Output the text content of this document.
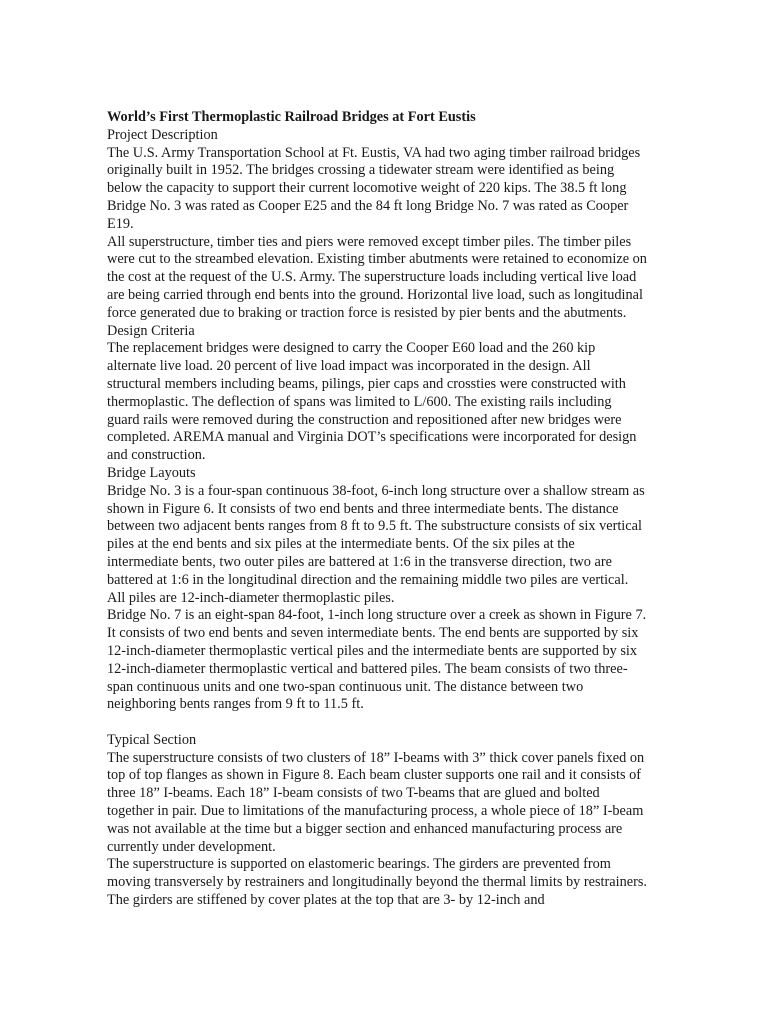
World’s First Thermoplastic Railroad Bridges at Fort Eustis

Project Description

The U.S. Army Transportation School at Ft. Eustis, VA had two aging timber railroad bridges originally built in 1952. The bridges crossing a tidewater stream were identified as being below the capacity to support their current locomotive weight of 220 kips. The 38.5 ft long Bridge No. 3 was rated as Cooper E25 and the 84 ft long Bridge No. 7 was rated as Cooper E19.

All superstructure, timber ties and piers were removed except timber piles. The timber piles were cut to the streambed elevation. Existing timber abutments were retained to economize on the cost at the request of the U.S. Army. The superstructure loads including vertical live load are being carried through end bents into the ground. Horizontal live load, such as longitudinal force generated due to braking or traction force is resisted by pier bents and the abutments.

Design Criteria

The replacement bridges were designed to carry the Cooper E60 load and the 260 kip alternate live load. 20 percent of live load impact was incorporated in the design. All structural members including beams, pilings, pier caps and crossties were constructed with thermoplastic. The deflection of spans was limited to L/600. The existing rails including guard rails were removed during the construction and repositioned after new bridges were completed. AREMA manual and Virginia DOT’s specifications were incorporated for design and construction.

Bridge Layouts

Bridge No. 3 is a four-span continuous 38-foot, 6-inch long structure over a shallow stream as shown in Figure 6. It consists of two end bents and three intermediate bents. The distance between two adjacent bents ranges from 8 ft to 9.5 ft. The substructure consists of six vertical piles at the end bents and six piles at the intermediate bents. Of the six piles at the intermediate bents, two outer piles are battered at 1:6 in the transverse direction, two are battered at 1:6 in the longitudinal direction and the remaining middle two piles are vertical. All piles are 12-inch-diameter thermoplastic piles.

Bridge No. 7 is an eight-span 84-foot, 1-inch long structure over a creek as shown in Figure 7. It consists of two end bents and seven intermediate bents. The end bents are supported by six 12-inch-diameter thermoplastic vertical piles and the intermediate bents are supported by six 12-inch-diameter thermoplastic vertical and battered piles. The beam consists of two three-span continuous units and one two-span continuous unit. The distance between two neighboring bents ranges from 9 ft to 11.5 ft.

Typical Section

The superstructure consists of two clusters of 18” I-beams with 3” thick cover panels fixed on top of top flanges as shown in Figure 8. Each beam cluster supports one rail and it consists of three 18” I-beams. Each 18” I-beam consists of two T-beams that are glued and bolted together in pair. Due to limitations of the manufacturing process, a whole piece of 18” I-beam was not available at the time but a bigger section and enhanced manufacturing process are currently under development.

The superstructure is supported on elastomeric bearings. The girders are prevented from moving transversely by restrainers and longitudinally beyond the thermal limits by restrainers. The girders are stiffened by cover plates at the top that are 3- by 12-inch and
